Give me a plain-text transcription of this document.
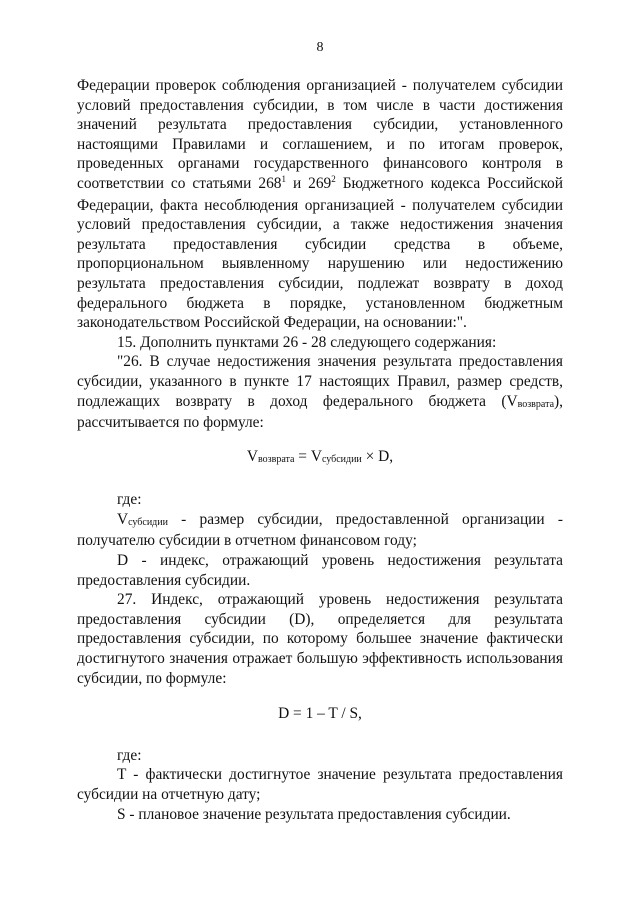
8

Федерации проверок соблюдения организацией - получателем субсидии условий предоставления субсидии, в том числе в части достижения значений результата предоставления субсидии, установленного настоящими Правилами и соглашением, и по итогам проверок, проведенных органами государственного финансового контроля в соответствии со статьями $268^1$ и $269^2$ Бюджетного кодекса Российской Федерации, факта несоблюдения организацией - получателем субсидии условий предоставления субсидии, а также недостижения значения результата предоставления субсидии средства в объеме, пропорциональном выявленному нарушению или недостижению результата предоставления субсидии, подлежат возврату в доход федерального бюджета в порядке, установленном бюджетным законодательством Российской Федерации, на основании:".

15. Дополнить пунктами 26 - 28 следующего содержания:

"26. В случае недостижения значения результата предоставления субсидии, указанного в пункте 17 настоящих Правил, размер средств, подлежащих возврату в доход федерального бюджета $(V_{возврата})$, рассчитывается по формуле:

$V_{возврата} = V_{субсидии} \times D$,

где:

$V_{субсидии}$ - размер субсидии, предоставленной организации - получателю субсидии в отчетном финансовом году;

D - индекс, отражающий уровень недостижения результата предоставления субсидии.

27. Индекс, отражающий уровень недостижения результата предоставления субсидии (D), определяется для результата предоставления субсидии, по которому большее значение фактически достигнутого значения отражает большую эффективность использования субсидии, по формуле:

D = 1 – T / S,

где:

T - фактически достигнутое значение результата предоставления субсидии на отчетную дату;

S - плановое значение результата предоставления субсидии.
